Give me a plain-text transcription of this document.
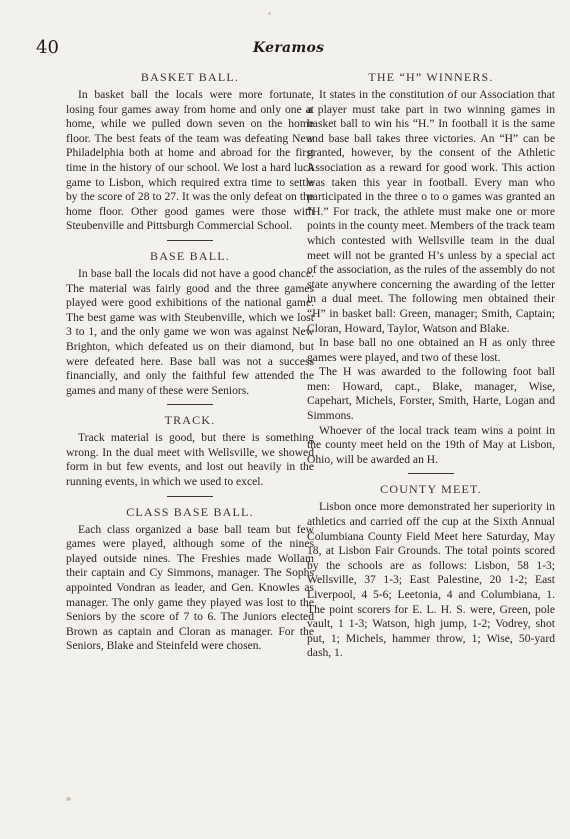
40	Keramos
BASKET BALL.

In basket ball the locals were more fortunate, losing four games away from home and only one at home, while we pulled down seven on the home floor. The best feats of the team was defeating New Philadelphia both at home and abroad for the first time in the history of our school. We lost a hard luck game to Lisbon, which required extra time to settle by the score of 28 to 27. It was the only defeat on the home floor. Other good games were those with Steubenville and Pittsburgh Commercial School.

BASE BALL.

In base ball the locals did not have a good chance. The material was fairly good and the three games played were good exhibitions of the national game. The best game was with Steubenville, which we lost 3 to 1, and the only game we won was against New Brighton, which defeated us on their diamond, but were defeated here. Base ball was not a success financially, and only the faithful few attended the games and many of these were Seniors.

TRACK.

Track material is good, but there is something wrong. In the dual meet with Wellsville, we showed form in but few events, and lost out heavily in the running events, in which we used to excel.

CLASS BASE BALL.

Each class organized a base ball team but few games were played, although some of the nines played outside nines. The Freshies made Wollam their captain and Cy Simmons, manager. The Sophs appointed Vondran as leader, and Gen. Knowles as manager. The only game they played was lost to the Seniors by the score of 7 to 6. The Juniors elected Brown as captain and Cloran as manager. For the Seniors, Blake and Steinfeld were chosen.

THE “H” WINNERS.

It states in the constitution of our Association that a player must take part in two winning games in basket ball to win his “H.” In football it is the same and base ball takes three victories. An “H” can be granted, however, by the consent of the Athletic Association as a reward for good work. This action was taken this year in football. Every man who participated in the three o to o games was granted an “H.” For track, the athlete must make one or more points in the county meet. Members of the track team which contested with Wellsville team in the dual meet will not be granted H’s unless by a special act of the association, as the rules of the assembly do not state anywhere concerning the awarding of the letter in a dual meet. The following men obtained their “H” in basket ball: Green, manager; Smith, Captain; Cloran, Howard, Taylor, Watson and Blake.

In base ball no one obtained an H as only three games were played, and two of these lost.

The H was awarded to the following foot ball men: Howard, capt., Blake, manager, Wise, Capehart, Michels, Forster, Smith, Harte, Logan and Simmons.

Whoever of the local track team wins a point in the county meet held on the 19th of May at Lisbon, Ohio, will be awarded an H.

COUNTY MEET.

Lisbon once more demonstrated her superiority in athletics and carried off the cup at the Sixth Annual Columbiana County Field Meet here Saturday, May 18, at Lisbon Fair Grounds. The total points scored by the schools are as follows: Lisbon, 58 1-3; Wellsville, 37 1-3; East Palestine, 20 1-2; East Liverpool, 4 5-6; Leetonia, 4 and Columbiana, 1. The point scorers for E. L. H. S. were, Green, pole vault, 1 1-3; Watson, high jump, 1-2; Vodrey, shot put, 1; Michels, hammer throw, 1; Wise, 50-yard dash, 1.
